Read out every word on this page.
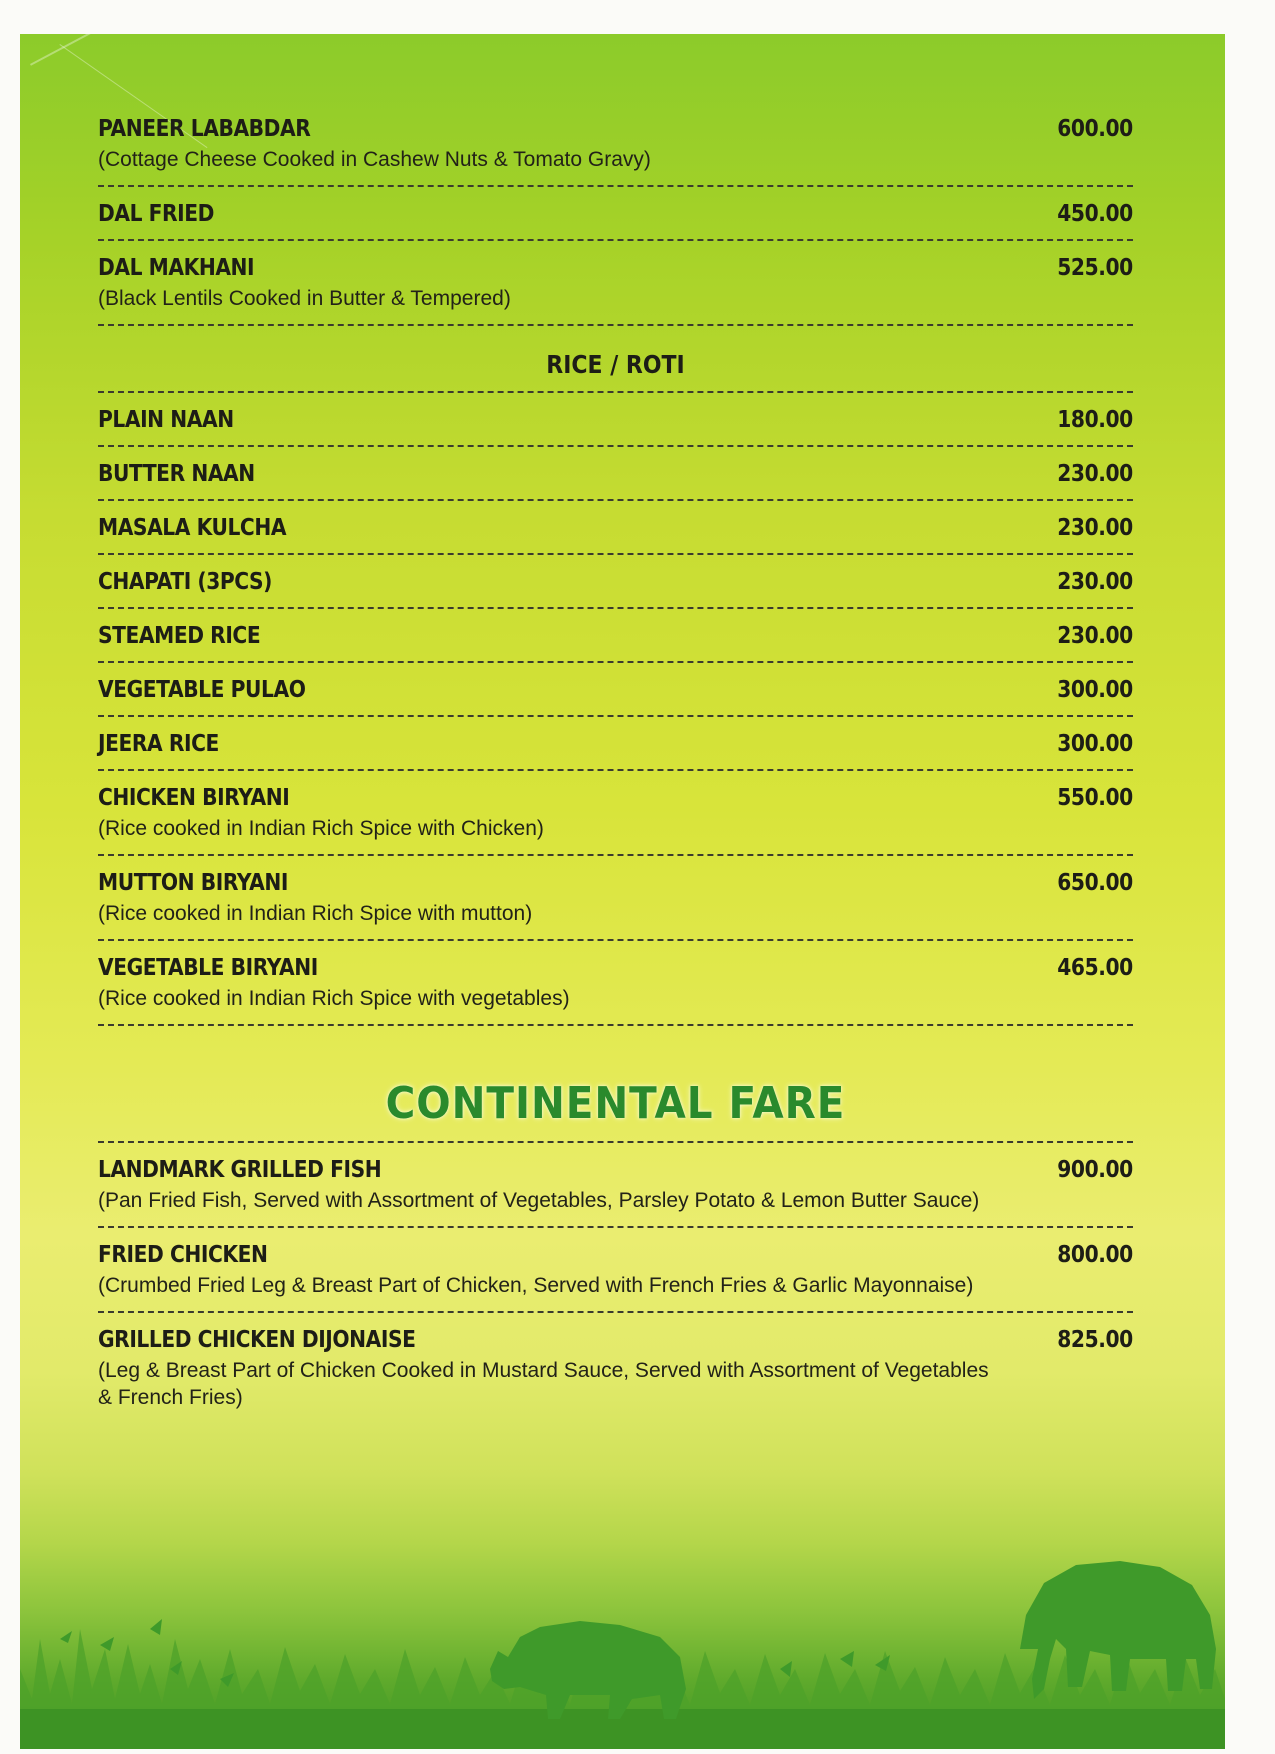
PANEER LABABDAR	600.00
(Cottage Cheese Cooked in Cashew Nuts & Tomato Gravy)
DAL FRIED	450.00
DAL MAKHANI	525.00
(Black Lentils Cooked in Butter & Tempered)
RICE / ROTI
PLAIN NAAN	180.00
BUTTER NAAN	230.00
MASALA KULCHA	230.00
CHAPATI (3PCS)	230.00
STEAMED RICE	230.00
VEGETABLE PULAO	300.00
JEERA RICE	300.00
CHICKEN BIRYANI	550.00
(Rice cooked in Indian Rich Spice with Chicken)
MUTTON BIRYANI	650.00
(Rice cooked in Indian Rich Spice with mutton)
VEGETABLE BIRYANI	465.00
(Rice cooked in Indian Rich Spice with vegetables)
CONTINENTAL FARE
LANDMARK GRILLED FISH	900.00
(Pan Fried Fish, Served with Assortment of Vegetables, Parsley Potato & Lemon Butter Sauce)
FRIED CHICKEN	800.00
(Crumbed Fried Leg & Breast Part of Chicken, Served with French Fries & Garlic Mayonnaise)
GRILLED CHICKEN DIJONAISE	825.00
(Leg & Breast Part of Chicken Cooked in Mustard Sauce, Served with Assortment of Vegetables & French Fries)
